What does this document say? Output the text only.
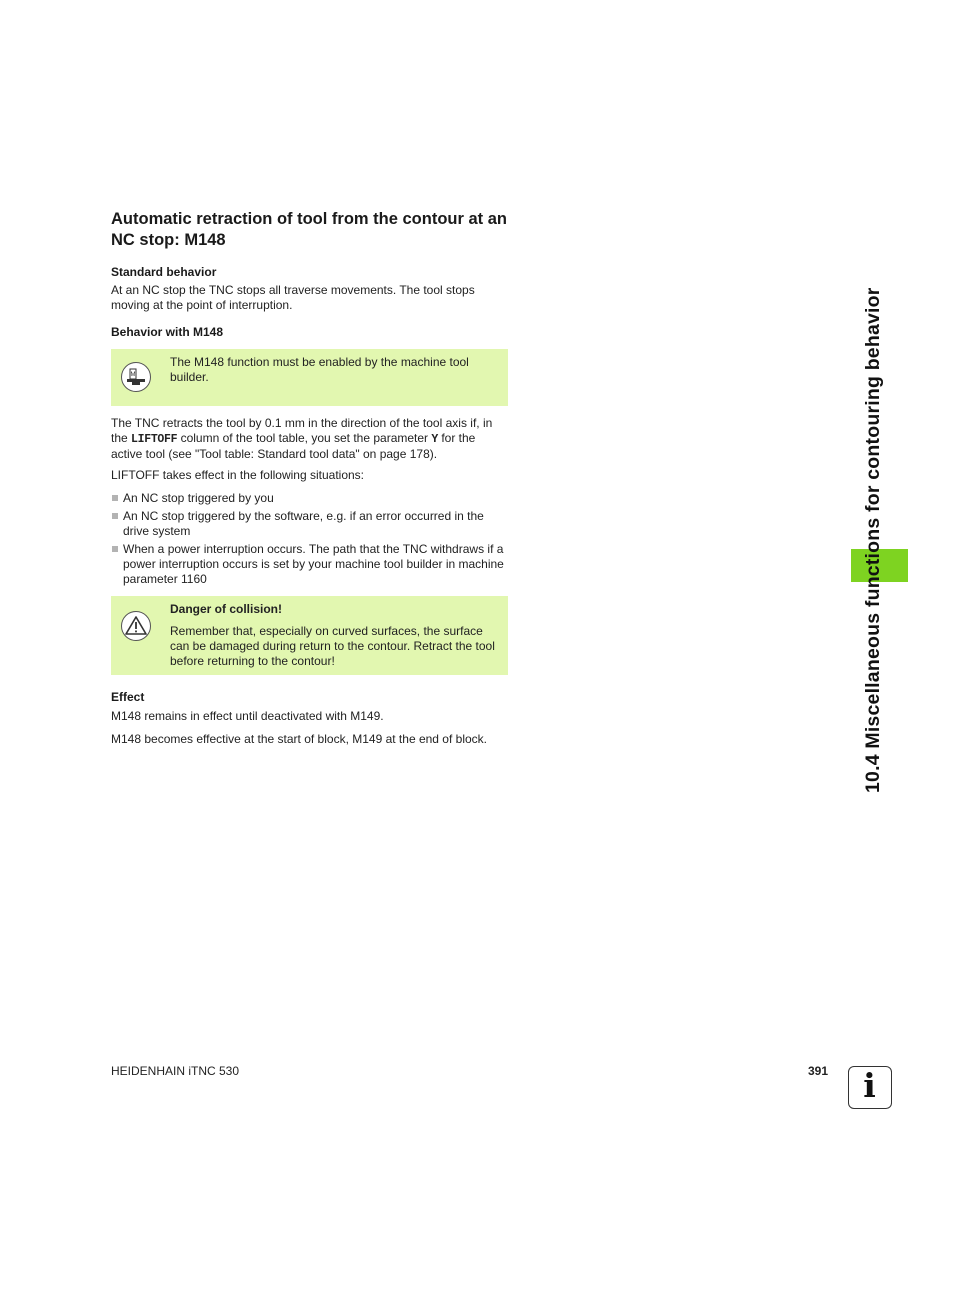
Automatic retraction of tool from the contour at an NC stop: M148

Standard behavior

At an NC stop the TNC stops all traverse movements. The tool stops moving at the point of interruption.

Behavior with M148

M

The M148 function must be enabled by the machine tool builder.

The TNC retracts the tool by 0.1 mm in the direction of the tool axis if, in the LIFTOFF column of the tool table, you set the parameter Y for the active tool (see "Tool table: Standard tool data" on page 178).

LIFTOFF takes effect in the following situations:

An NC stop triggered by you
An NC stop triggered by the software, e.g. if an error occurred in the drive system
When a power interruption occurs. The path that the TNC withdraws if a power interruption occurs is set by your machine tool builder in machine parameter 1160

Danger of collision!

Remember that, especially on curved surfaces, the surface can be damaged during return to the contour. Retract the tool before returning to the contour!

Effect

M148 remains in effect until deactivated with M149.

M148 becomes effective at the start of block, M149 at the end of block.	10.4 Miscellaneous functions for contouring behavior
HEIDENHAIN iTNC 530	391	i
